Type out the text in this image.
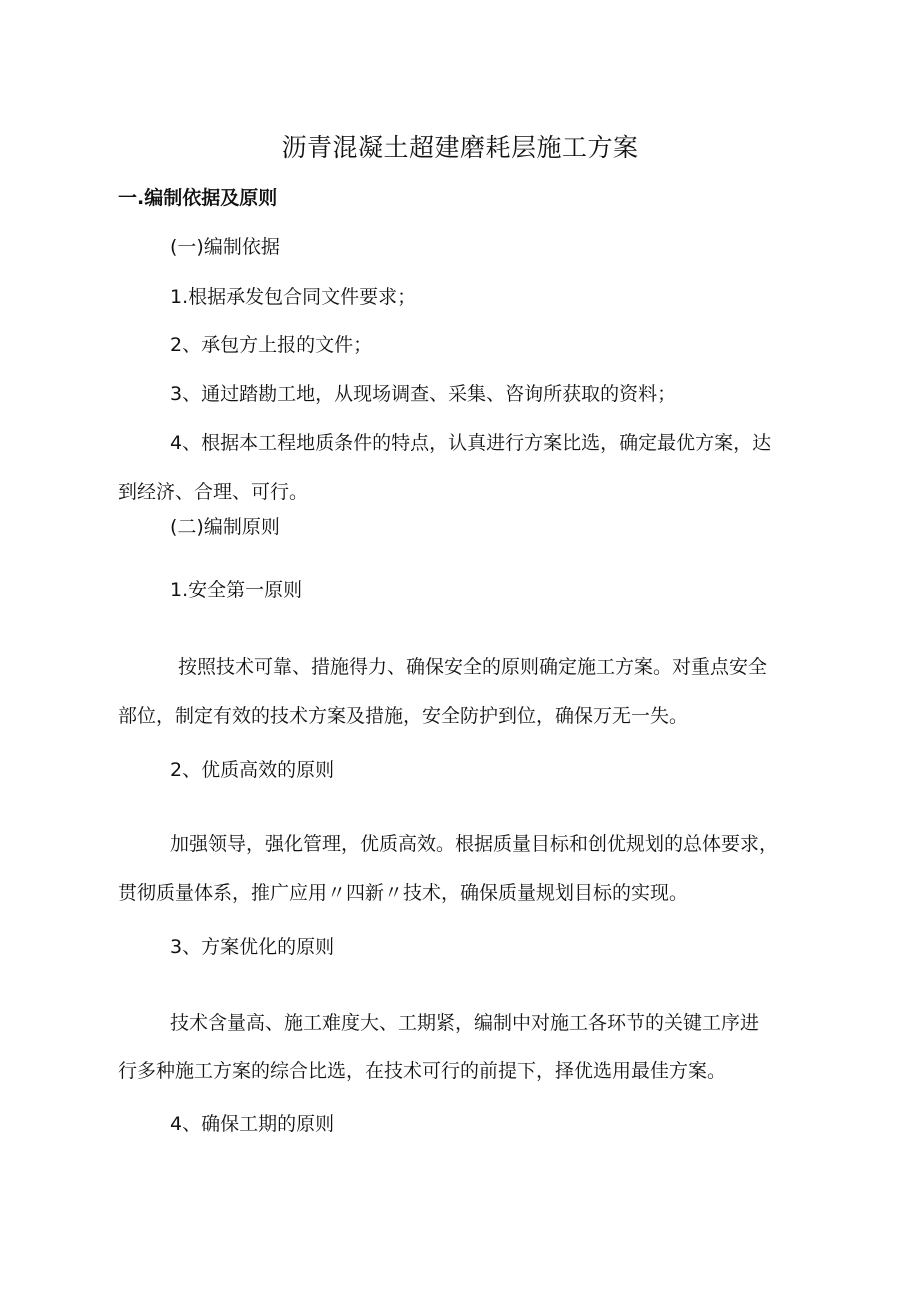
沥青混凝土超建磨耗层施工方案
一.编制依据及原则

(一)编制依据

1.根据承发包合同文件要求；

2、承包方上报的文件；

3、通过踏勘工地，从现场调查、采集、咨询所获取的资料；

4、根据本工程地质条件的特点，认真进行方案比选，确定最优方案，达

到经济、合理、可行。

(二)编制原则

1.安全第一原则

按照技术可靠、措施得力、确保安全的原则确定施工方案。对重点安全

部位，制定有效的技术方案及措施，安全防护到位，确保万无一失。

2、优质高效的原则

加强领导，强化管理，优质高效。根据质量目标和创优规划的总体要求，

贯彻质量体系，推广应用〃四新〃技术，确保质量规划目标的实现。

3、方案优化的原则

技术含量高、施工难度大、工期紧，编制中对施工各环节的关键工序进

行多种施工方案的综合比选，在技术可行的前提下，择优选用最佳方案。

4、确保工期的原则
